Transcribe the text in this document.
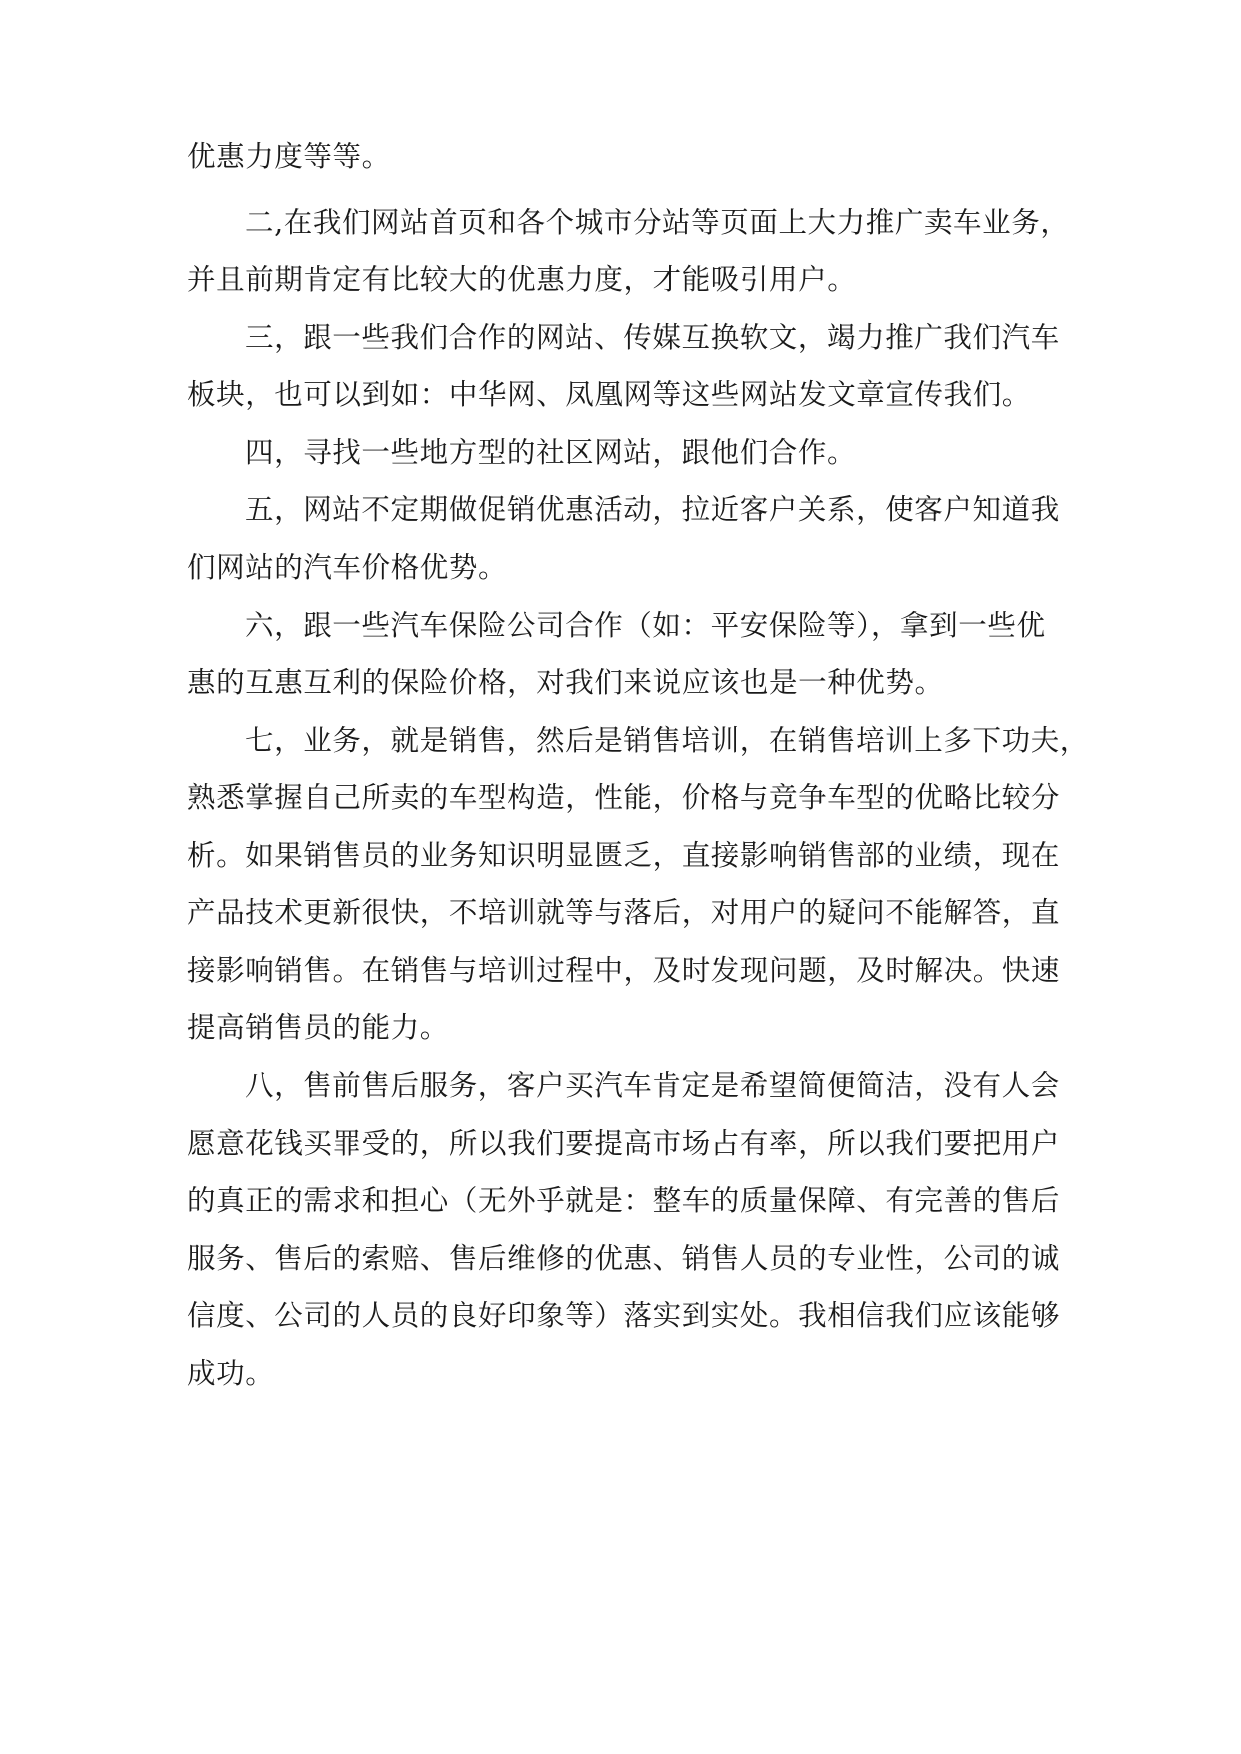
优惠力度等等。
二,在我们网站首页和各个城市分站等页面上大力推广卖车业务，
并且前期肯定有比较大的优惠力度，才能吸引用户。
三，跟一些我们合作的网站、传媒互换软文，竭力推广我们汽车
板块，也可以到如：中华网、凤凰网等这些网站发文章宣传我们。
四，寻找一些地方型的社区网站，跟他们合作。
五，网站不定期做促销优惠活动，拉近客户关系，使客户知道我
们网站的汽车价格优势。
六，跟一些汽车保险公司合作（如：平安保险等），拿到一些优
惠的互惠互利的保险价格，对我们来说应该也是一种优势。
七，业务，就是销售，然后是销售培训，在销售培训上多下功夫，
熟悉掌握自己所卖的车型构造，性能，价格与竞争车型的优略比较分
析。如果销售员的业务知识明显匮乏，直接影响销售部的业绩，现在
产品技术更新很快，不培训就等与落后，对用户的疑问不能解答，直
接影响销售。在销售与培训过程中，及时发现问题，及时解决。快速
提高销售员的能力。
八，售前售后服务，客户买汽车肯定是希望简便简洁，没有人会
愿意花钱买罪受的，所以我们要提高市场占有率，所以我们要把用户
的真正的需求和担心（无外乎就是：整车的质量保障、有完善的售后
服务、售后的索赔、售后维修的优惠、销售人员的专业性，公司的诚
信度、公司的人员的良好印象等）落实到实处。我相信我们应该能够
成功。
